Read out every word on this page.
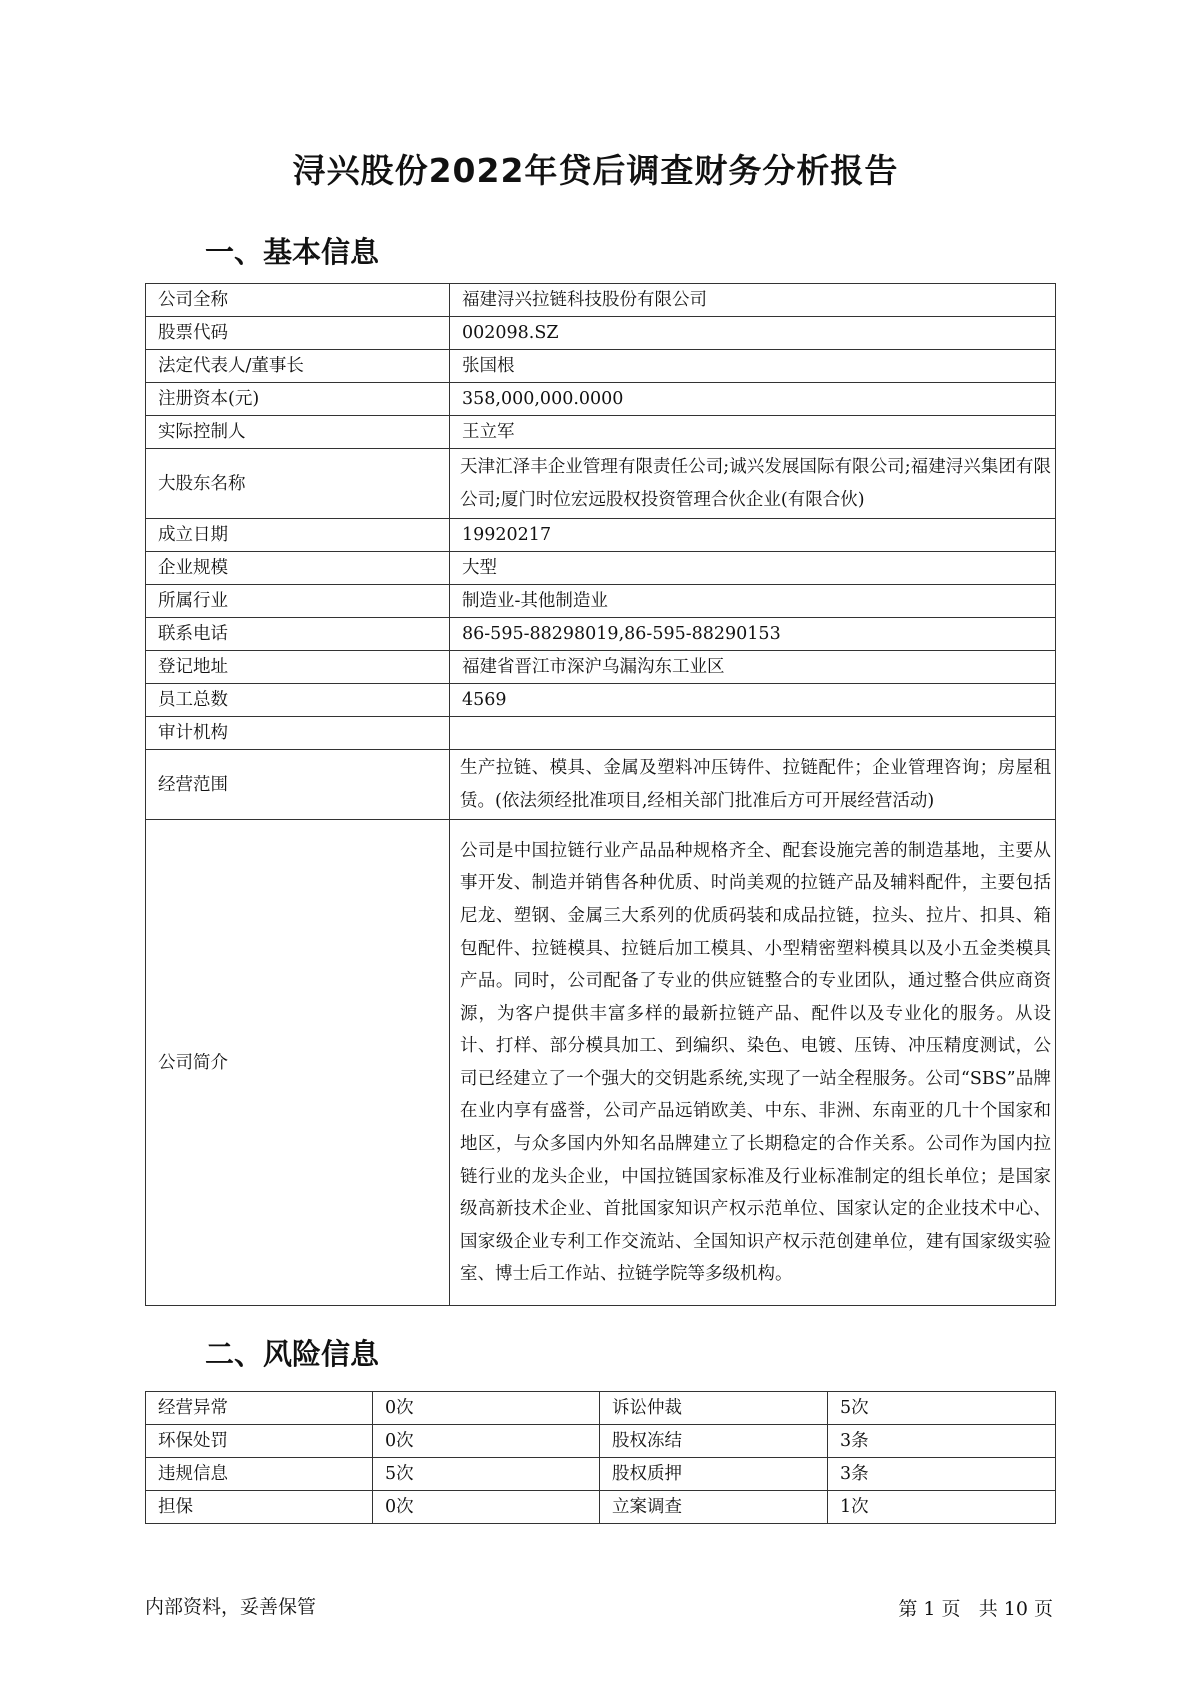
浔兴股份2022年贷后调查财务分析报告
一、基本信息
公司全称	福建浔兴拉链科技股份有限公司
股票代码	002098.SZ
法定代表人/董事长	张国根
注册资本(元)	358,000,000.0000
实际控制人	王立军
大股东名称	天津汇泽丰企业管理有限责任公司;诚兴发展国际有限公司;福建浔兴集团有限公司;厦门时位宏远股权投资管理合伙企业(有限合伙)
成立日期	19920217
企业规模	大型
所属行业	制造业-其他制造业
联系电话	86-595-88298019,86-595-88290153
登记地址	福建省晋江市深沪乌漏沟东工业区
员工总数	4569
审计机构	
经营范围	生产拉链、模具、金属及塑料冲压铸件、拉链配件；企业管理咨询；房屋租赁。(依法须经批准项目,经相关部门批准后方可开展经营活动)
公司简介	公司是中国拉链行业产品品种规格齐全、配套设施完善的制造基地，主要从事开发、制造并销售各种优质、时尚美观的拉链产品及辅料配件，主要包括尼龙、塑钢、金属三大系列的优质码装和成品拉链，拉头、拉片、扣具、箱包配件、拉链模具、拉链后加工模具、小型精密塑料模具以及小五金类模具产品。同时，公司配备了专业的供应链整合的专业团队，通过整合供应商资源，为客户提供丰富多样的最新拉链产品、配件以及专业化的服务。从设计、打样、部分模具加工、到编织、染色、电镀、压铸、冲压精度测试，公司已经建立了一个强大的交钥匙系统,实现了一站全程服务。公司“SBS”品牌在业内享有盛誉，公司产品远销欧美、中东、非洲、东南亚的几十个国家和地区，与众多国内外知名品牌建立了长期稳定的合作关系。公司作为国内拉链行业的龙头企业，中国拉链国家标准及行业标准制定的组长单位；是国家级高新技术企业、首批国家知识产权示范单位、国家认定的企业技术中心、国家级企业专利工作交流站、全国知识产权示范创建单位，建有国家级实验室、博士后工作站、拉链学院等多级机构。
二、风险信息
经营异常	0次	诉讼仲裁	5次
环保处罚	0次	股权冻结	3条
违规信息	5次	股权质押	3条
担保	0次	立案调查	1次
内部资料，妥善保管	第 1 页 共 10 页
